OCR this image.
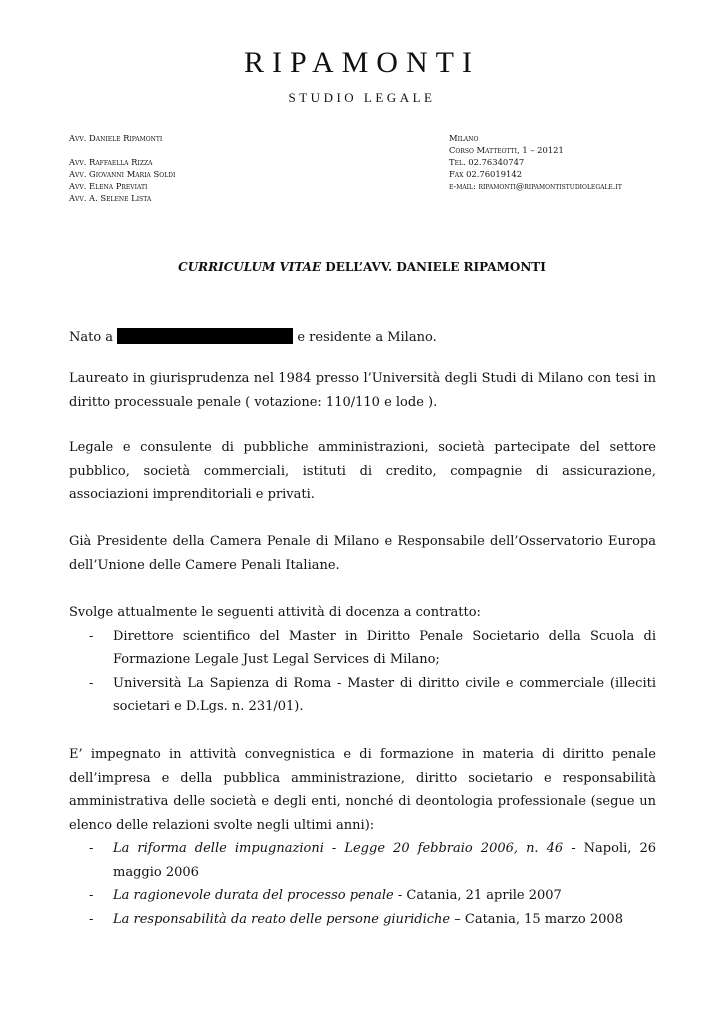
RIPAMONTI
STUDIO LEGALE
Avv. Daniele Ripamonti
Avv. Raffaella Rizza
Avv. Giovanni Maria Soldi
Avv. Elena Previati
Avv. A. Selene Lista
Milano
Corso Matteotti, 1 – 20121
Tel. 02.76340747
Fax 02.76019142
e-mail: ripamonti@ripamontistudiolegale.it
CURRICULUM VITAE DELL’AVV. DANIELE RIPAMONTI
Nato a	e residente a Milano.
Laureato in giurisprudenza nel 1984 presso l’Università degli Studi di Milano con tesi in diritto processuale penale ( votazione: 110/110 e lode ).
Legale e consulente di pubbliche amministrazioni, società partecipate del settore pubblico, società commerciali, istituti di credito, compagnie di assicurazione, associazioni imprenditoriali e privati.
Già Presidente della Camera Penale di Milano e Responsabile dell’Osservatorio Europa dell’Unione delle Camere Penali Italiane.
Svolge attualmente le seguenti attività di docenza a contratto:
- Direttore scientifico del Master in Diritto Penale Societario della Scuola di Formazione Legale Just Legal Services di Milano;
- Università La Sapienza di Roma - Master di diritto civile e commerciale (illeciti societari e D.Lgs. n. 231/01).
E’ impegnato in attività convegnistica e di formazione in materia di diritto penale dell’impresa e della pubblica amministrazione, diritto societario e responsabilità amministrativa delle società e degli enti, nonché di deontologia professionale (segue un elenco delle relazioni svolte negli ultimi anni):
- La riforma delle impugnazioni - Legge 20 febbraio 2006, n. 46 - Napoli, 26 maggio 2006
- La ragionevole durata del processo penale - Catania, 21 aprile 2007
- La responsabilità da reato delle persone giuridiche – Catania, 15 marzo 2008
